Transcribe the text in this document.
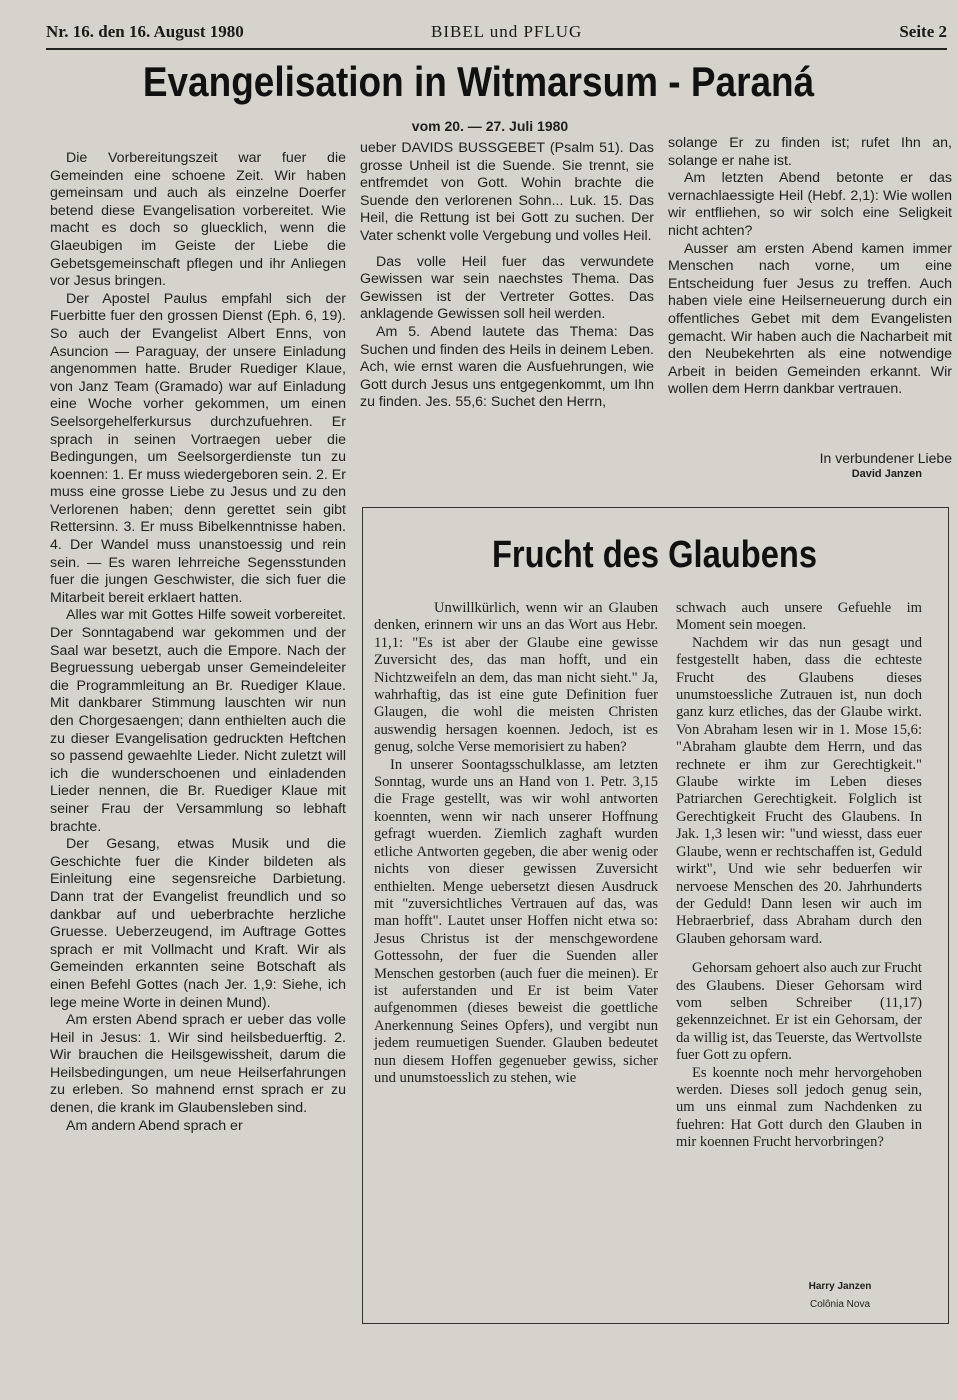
Nr. 16. den 16. August 1980	BIBEL und PFLUG	Seite 2
Evangelisation in Witmarsum - Paraná
vom 20. — 27. Juli 1980

Die Vorbereitungszeit war fuer die Gemeinden eine schoene Zeit. Wir haben gemeinsam und auch als einzelne Doerfer betend diese Evangelisation vorbereitet. Wie macht es doch so gluecklich, wenn die Glaeubigen im Geiste der Liebe die Gebetsgemeinschaft pflegen und ihr Anliegen vor Jesus bringen.

Der Apostel Paulus empfahl sich der Fuerbitte fuer den grossen Dienst (Eph. 6, 19). So auch der Evangelist Albert Enns, von Asuncion — Paraguay, der unsere Einladung angenommen hatte. Bruder Ruediger Klaue, von Janz Team (Gramado) war auf Einladung eine Woche vorher gekommen, um einen Seelsorgehelferkursus durchzufuehren. Er sprach in seinen Vortraegen ueber die Bedingungen, um Seelsorgerdienste tun zu koennen: 1. Er muss wiedergeboren sein. 2. Er muss eine grosse Liebe zu Jesus und zu den Verlorenen haben; denn gerettet sein gibt Rettersinn. 3. Er muss Bibelkenntnisse haben. 4. Der Wandel muss unanstoessig und rein sein. — Es waren lehrreiche Segensstunden fuer die jungen Geschwister, die sich fuer die Mitarbeit bereit erklaert hatten.

Alles war mit Gottes Hilfe soweit vorbereitet. Der Sonntagabend war gekommen und der Saal war besetzt, auch die Empore. Nach der Begruessung uebergab unser Gemeindeleiter die Programmleitung an Br. Ruediger Klaue. Mit dankbarer Stimmung lauschten wir nun den Chorgesaengen; dann enthielten auch die zu dieser Evangelisation gedruckten Heftchen so passend gewaehlte Lieder. Nicht zuletzt will ich die wunderschoenen und einladenden Lieder nennen, die Br. Ruediger Klaue mit seiner Frau der Versammlung so lebhaft brachte.

Der Gesang, etwas Musik und die Geschichte fuer die Kinder bildeten als Einleitung eine segensreiche Darbietung. Dann trat der Evangelist freundlich und so dankbar auf und ueberbrachte herzliche Gruesse. Ueberzeugend, im Auftrage Gottes sprach er mit Vollmacht und Kraft. Wir als Gemeinden erkannten seine Botschaft als einen Befehl Gottes (nach Jer. 1,9: Siehe, ich lege meine Worte in deinen Mund).

Am ersten Abend sprach er ueber das volle Heil in Jesus: 1. Wir sind heilsbeduerftig. 2. Wir brauchen die Heilsgewissheit, darum die Heilsbedingungen, um neue Heilserfahrungen zu erleben. So mahnend ernst sprach er zu denen, die krank im Glaubensleben sind.

Am andern Abend sprach er

ueber DAVIDS BUSSGEBET (Psalm 51). Das grosse Unheil ist die Suende. Sie trennt, sie entfremdet von Gott. Wohin brachte die Suende den verlorenen Sohn... Luk. 15. Das Heil, die Rettung ist bei Gott zu suchen. Der Vater schenkt volle Vergebung und volles Heil.

Das volle Heil fuer das verwundete Gewissen war sein naechstes Thema. Das Gewissen ist der Vertreter Gottes. Das anklagende Gewissen soll heil werden.

Am 5. Abend lautete das Thema: Das Suchen und finden des Heils in deinem Leben. Ach, wie ernst waren die Ausfuehrungen, wie Gott durch Jesus uns entgegenkommt, um Ihn zu finden. Jes. 55,6: Suchet den Herrn,

solange Er zu finden ist; rufet Ihn an, solange er nahe ist.

Am letzten Abend betonte er das vernachlaessigte Heil (Hebf. 2,1): Wie wollen wir entfliehen, so wir solch eine Seligkeit nicht achten?

Ausser am ersten Abend kamen immer Menschen nach vorne, um eine Entscheidung fuer Jesus zu treffen. Auch haben viele eine Heilserneuerung durch ein offentliches Gebet mit dem Evangelisten gemacht. Wir haben auch die Nacharbeit mit den Neubekehrten als eine notwendige Arbeit in beiden Gemeinden erkannt. Wir wollen dem Herrn dankbar vertrauen.

In verbundener Liebe
David Janzen
Frucht des Glaubens

Unwillkürlich, wenn wir an Glauben denken, erinnern wir uns an das Wort aus Hebr. 11,1: "Es ist aber der Glaube eine gewisse Zuversicht des, das man hofft, und ein Nichtzweifeln an dem, das man nicht sieht." Ja, wahrhaftig, das ist eine gute Definition fuer Glaugen, die wohl die meisten Christen auswendig hersagen koennen. Jedoch, ist es genug, solche Verse memorisiert zu haben?

In unserer Soontagsschulklasse, am letzten Sonntag, wurde uns an Hand von 1. Petr. 3,15 die Frage gestellt, was wir wohl antworten koennten, wenn wir nach unserer Hoffnung gefragt wuerden. Ziemlich zaghaft wurden etliche Antworten gegeben, die aber wenig oder nichts von dieser gewissen Zuversicht enthielten. Menge uebersetzt diesen Ausdruck mit "zuversichtliches Vertrauen auf das, was man hofft". Lautet unser Hoffen nicht etwa so: Jesus Christus ist der menschgewordene Gottessohn, der fuer die Suenden aller Menschen gestorben (auch fuer die meinen). Er ist auferstanden und Er ist beim Vater aufgenommen (dieses beweist die goettliche Anerkennung Seines Opfers), und vergibt nun jedem reumuetigen Suender. Glauben bedeutet nun diesem Hoffen gegenueber gewiss, sicher und unumstoesslich zu stehen, wie

schwach auch unsere Gefuehle im Moment sein moegen.

Nachdem wir das nun gesagt und festgestellt haben, dass die echteste Frucht des Glaubens dieses unumstoessliche Zutrauen ist, nun doch ganz kurz etliches, das der Glaube wirkt. Von Abraham lesen wir in 1. Mose 15,6: "Abraham glaubte dem Herrn, und das rechnete er ihm zur Gerechtigkeit." Glaube wirkte im Leben dieses Patriarchen Gerechtigkeit. Folglich ist Gerechtigkeit Frucht des Glaubens. In Jak. 1,3 lesen wir: "und wiesst, dass euer Glaube, wenn er rechtschaffen ist, Geduld wirkt", Und wie sehr beduerfen wir nervoese Menschen des 20. Jahrhunderts der Geduld! Dann lesen wir auch im Hebraerbrief, dass Abraham durch den Glauben gehorsam ward.

Gehorsam gehoert also auch zur Frucht des Glaubens. Dieser Gehorsam wird vom selben Schreiber (11,17) gekennzeichnet. Er ist ein Gehorsam, der da willig ist, das Teuerste, das Wertvollste fuer Gott zu opfern.

Es koennte noch mehr hervorgehoben werden. Dieses soll jedoch genug sein, um uns einmal zum Nachdenken zu fuehren: Hat Gott durch den Glauben in mir koennen Frucht hervorbringen?

Harry Janzen
Colônia Nova
